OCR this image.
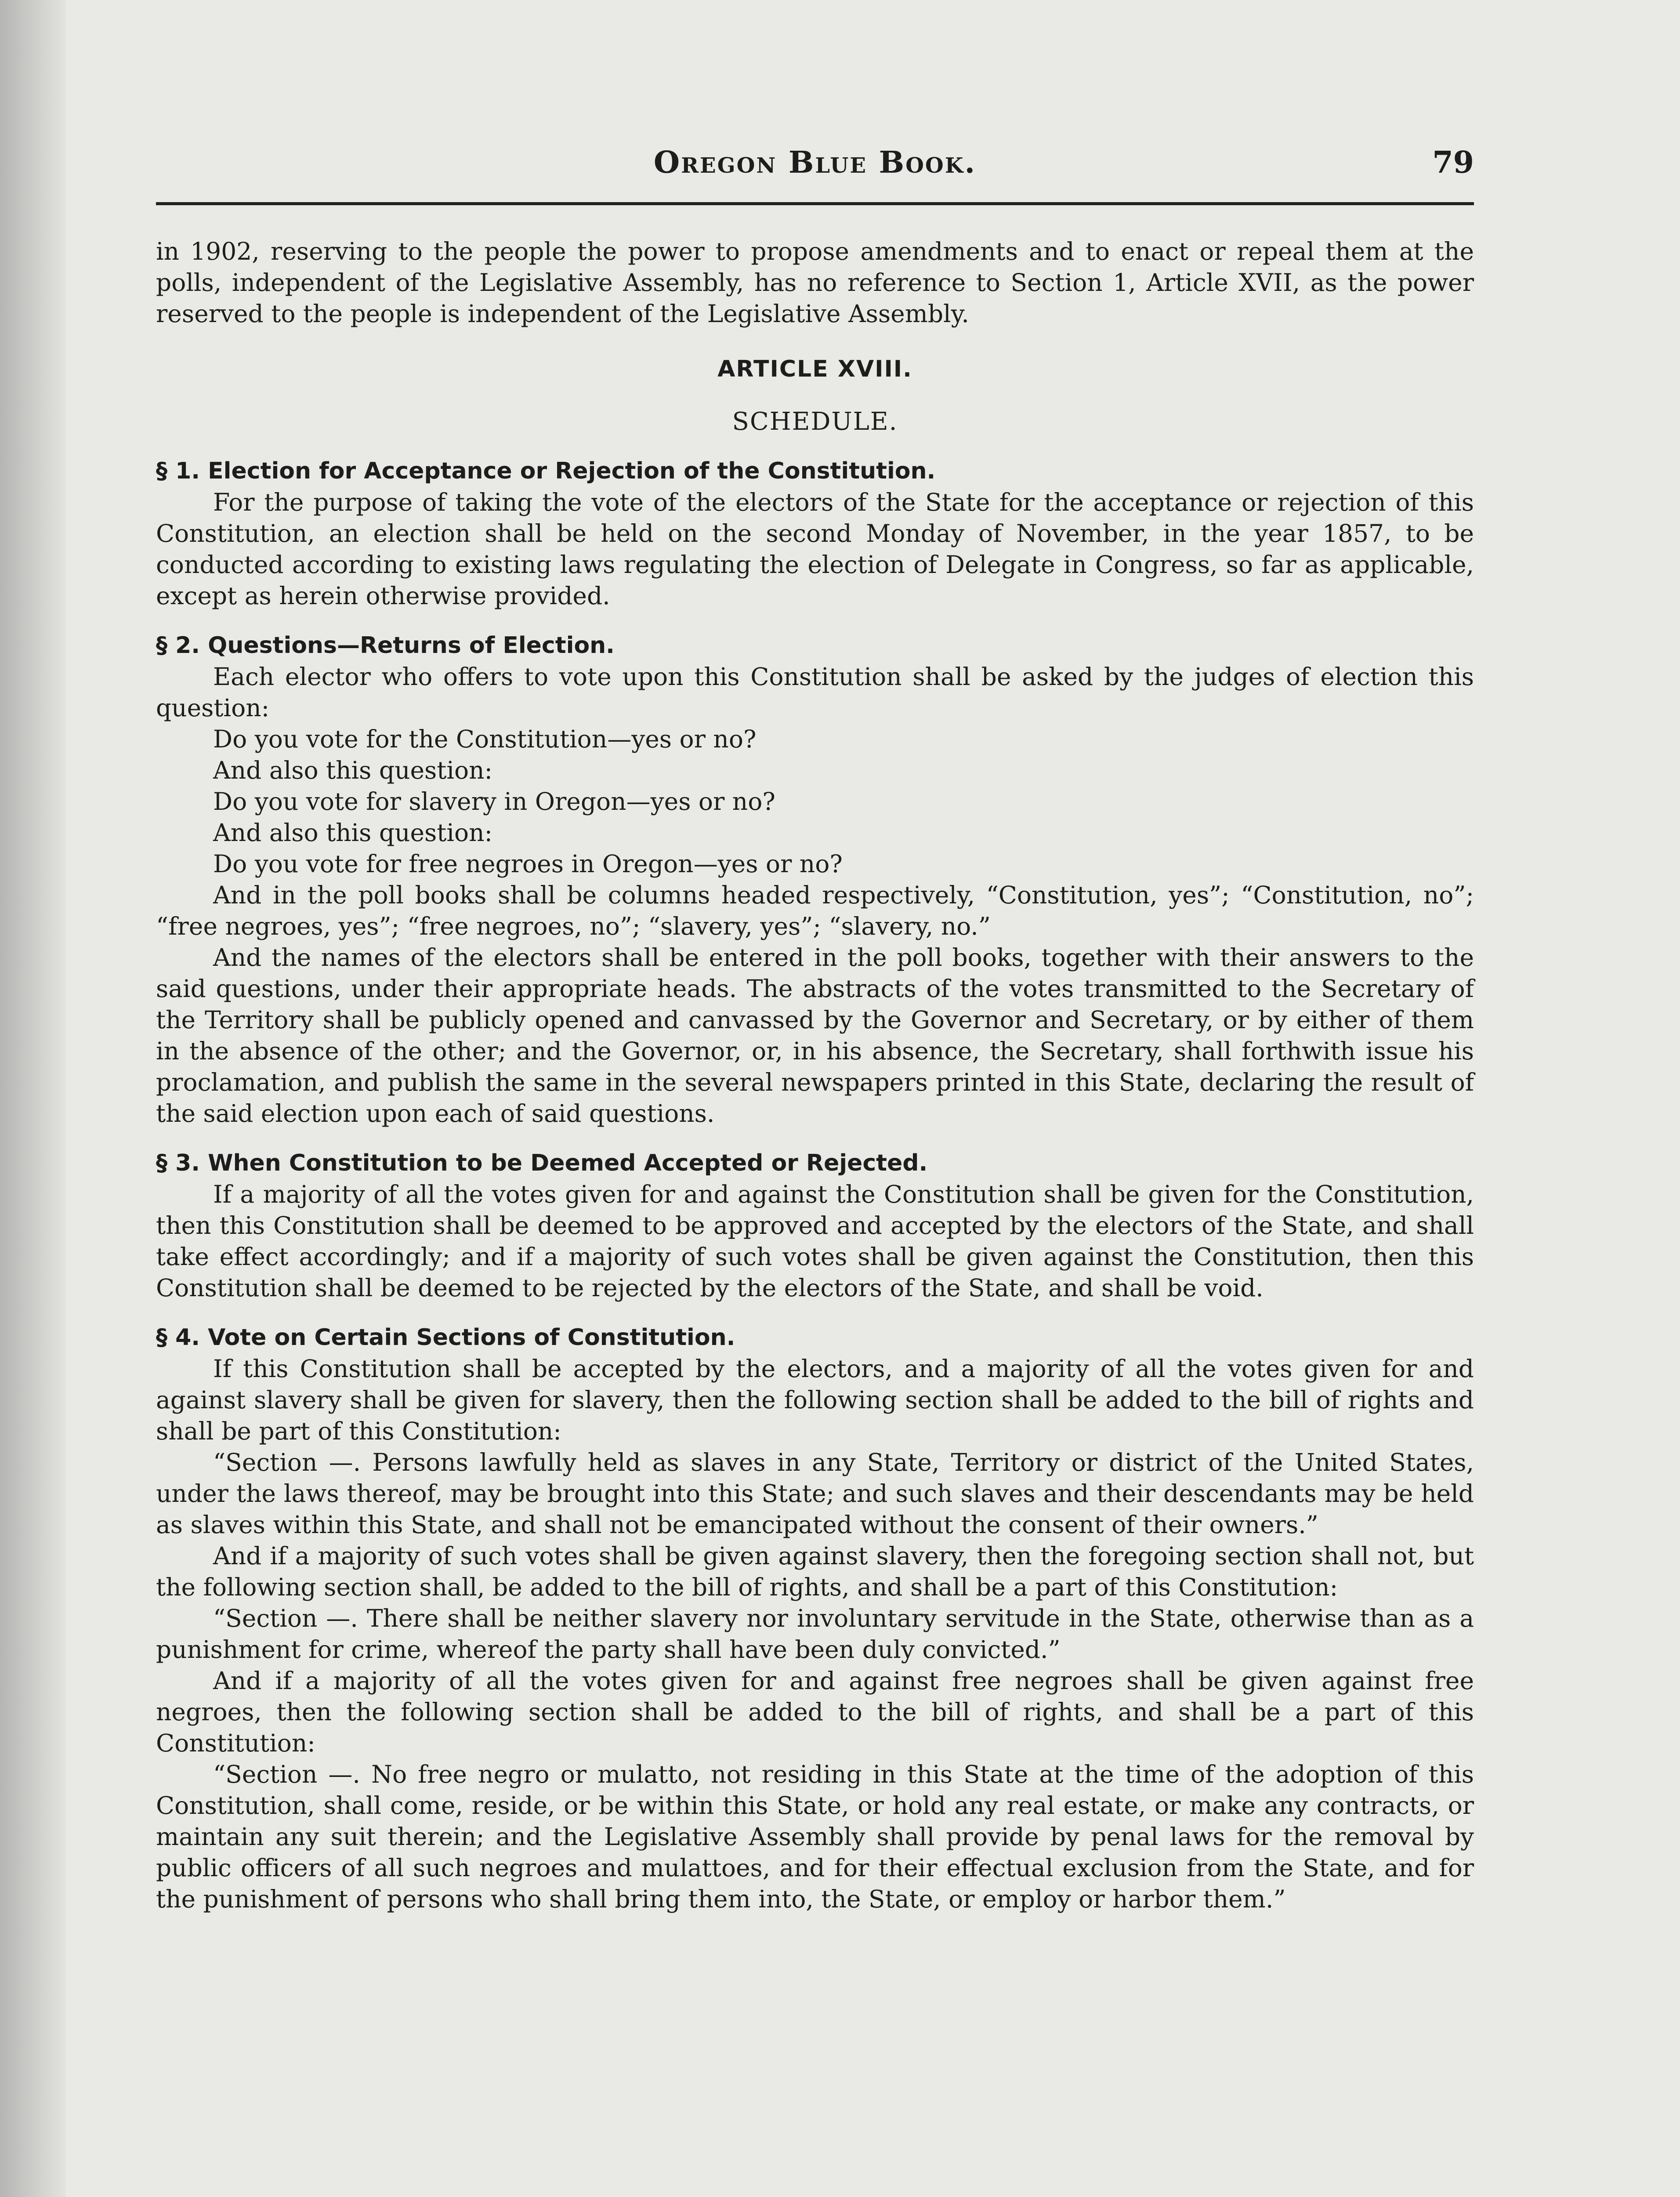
Oregon Blue Book.	79

in 1902, reserving to the people the power to propose amendments and to enact or repeal them at the polls, independent of the Legislative Assembly, has no reference to Section 1, Article XVII, as the power reserved to the people is independent of the Legislative Assembly.

ARTICLE XVIII.
SCHEDULE.
§ 1. Election for Acceptance or Rejection of the Constitution.

For the purpose of taking the vote of the electors of the State for the acceptance or rejection of this Constitution, an election shall be held on the second Monday of November, in the year 1857, to be conducted according to existing laws regulating the election of Delegate in Congress, so far as applicable, except as herein otherwise provided.

§ 2. Questions—Returns of Election.

Each elector who offers to vote upon this Constitution shall be asked by the judges of election this question:

Do you vote for the Constitution—yes or no?

And also this question:

Do you vote for slavery in Oregon—yes or no?

And also this question:

Do you vote for free negroes in Oregon—yes or no?

And in the poll books shall be columns headed respectively, “Constitution, yes”; “Constitution, no”; “free negroes, yes”; “free negroes, no”; “slavery, yes”; “slavery, no.”

And the names of the electors shall be entered in the poll books, together with their answers to the said questions, under their appropriate heads. The abstracts of the votes transmitted to the Secretary of the Territory shall be publicly opened and canvassed by the Governor and Secretary, or by either of them in the absence of the other; and the Governor, or, in his absence, the Secretary, shall forthwith issue his proclamation, and publish the same in the several newspapers printed in this State, declaring the result of the said election upon each of said questions.

§ 3. When Constitution to be Deemed Accepted or Rejected.

If a majority of all the votes given for and against the Constitution shall be given for the Constitution, then this Constitution shall be deemed to be approved and accepted by the electors of the State, and shall take effect accordingly; and if a majority of such votes shall be given against the Constitution, then this Constitution shall be deemed to be rejected by the electors of the State, and shall be void.

§ 4. Vote on Certain Sections of Constitution.

If this Constitution shall be accepted by the electors, and a majority of all the votes given for and against slavery shall be given for slavery, then the following section shall be added to the bill of rights and shall be part of this Constitution:

“Section —. Persons lawfully held as slaves in any State, Territory or district of the United States, under the laws thereof, may be brought into this State; and such slaves and their descendants may be held as slaves within this State, and shall not be emancipated without the consent of their owners.”

And if a majority of such votes shall be given against slavery, then the foregoing section shall not, but the following section shall, be added to the bill of rights, and shall be a part of this Constitution:

“Section —. There shall be neither slavery nor involuntary servitude in the State, otherwise than as a punishment for crime, whereof the party shall have been duly convicted.”

And if a majority of all the votes given for and against free negroes shall be given against free negroes, then the following section shall be added to the bill of rights, and shall be a part of this Constitution:

“Section —. No free negro or mulatto, not residing in this State at the time of the adoption of this Constitution, shall come, reside, or be within this State, or hold any real estate, or make any contracts, or maintain any suit therein; and the Legislative Assembly shall provide by penal laws for the removal by public officers of all such negroes and mulattoes, and for their effectual exclusion from the State, and for the punishment of persons who shall bring them into, the State, or employ or harbor them.”
